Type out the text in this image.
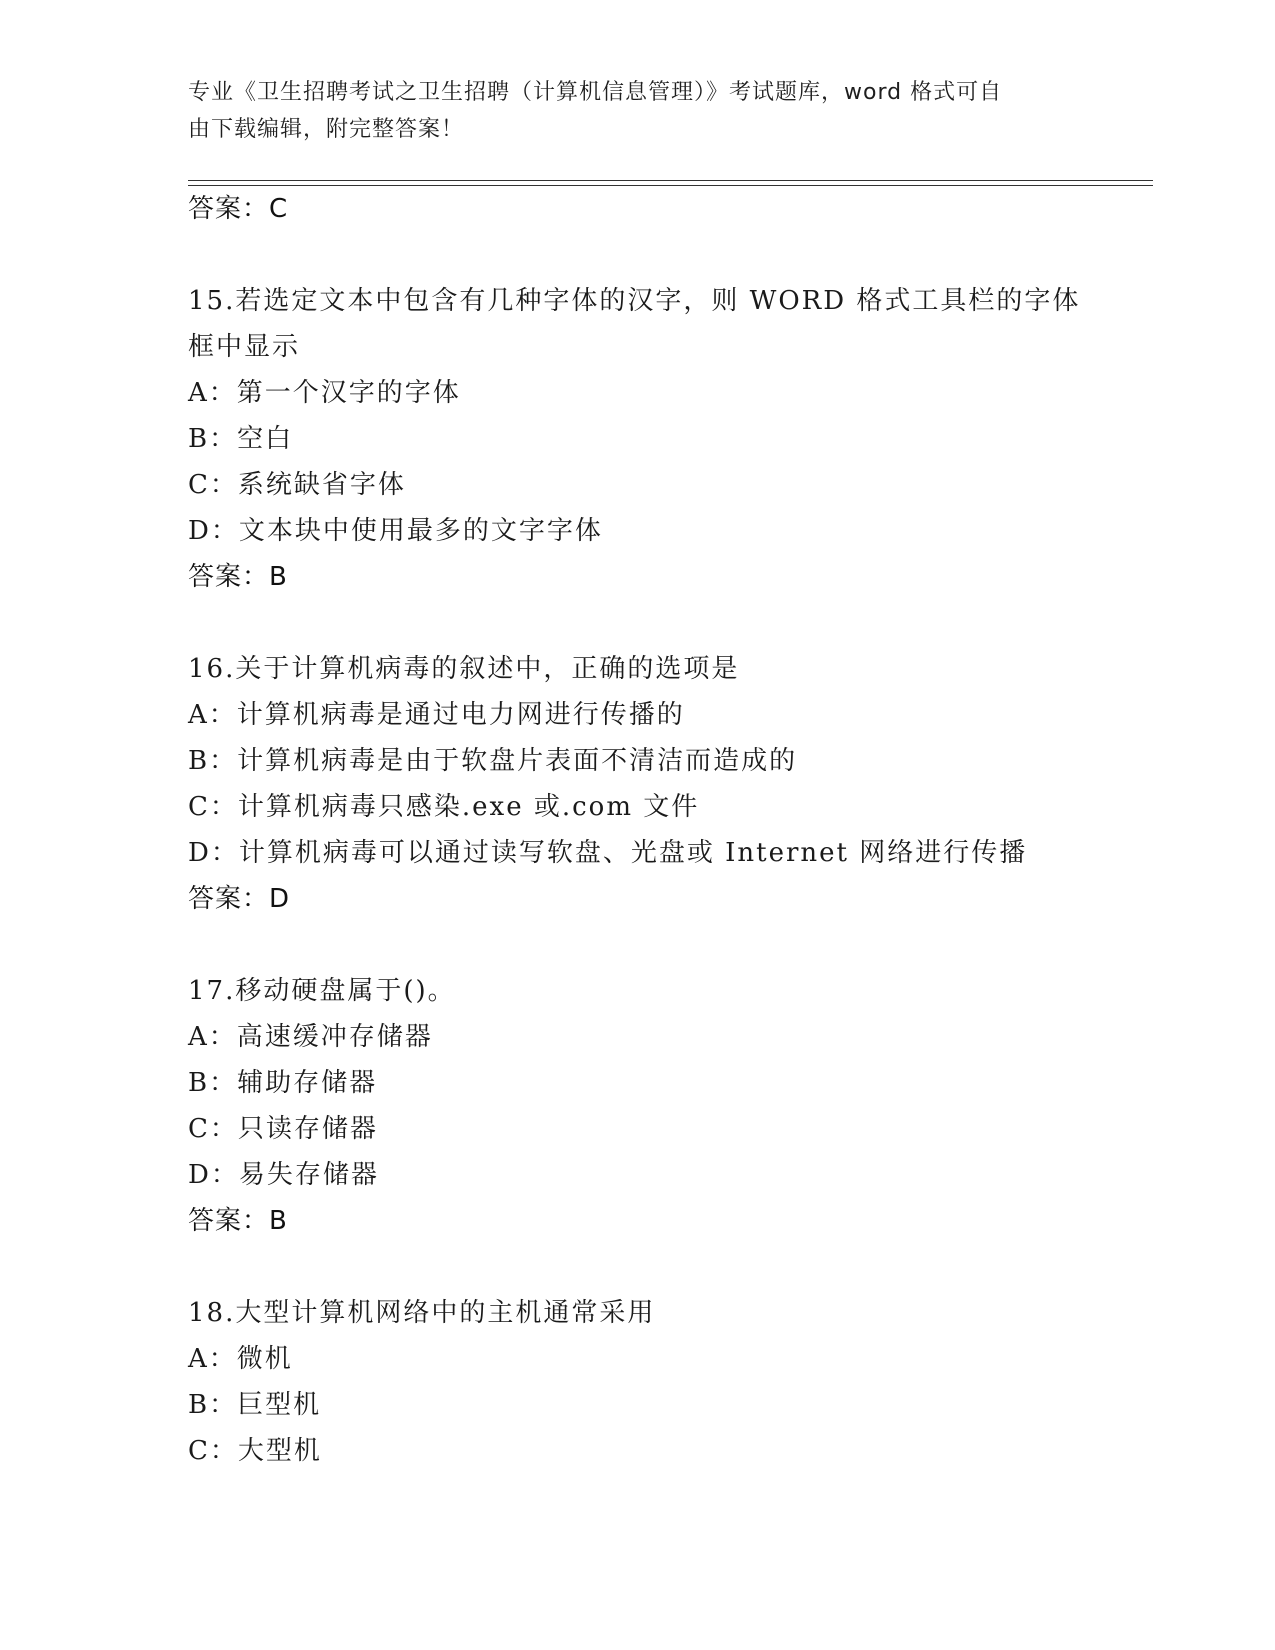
专业《卫生招聘考试之卫生招聘（计算机信息管理）》考试题库，word 格式可自
由下载编辑，附完整答案！
答案：C
15.若选定文本中包含有几种字体的汉字，则 WORD 格式工具栏的字体
框中显示
A：第一个汉字的字体
B：空白
C：系统缺省字体
D：文本块中使用最多的文字字体
答案：B
16.关于计算机病毒的叙述中，正确的选项是
A：计算机病毒是通过电力网进行传播的
B：计算机病毒是由于软盘片表面不清洁而造成的
C：计算机病毒只感染.exe 或.com 文件
D：计算机病毒可以通过读写软盘、光盘或 Internet 网络进行传播
答案：D
17.移动硬盘属于()。
A：高速缓冲存储器
B：辅助存储器
C：只读存储器
D：易失存储器
答案：B
18.大型计算机网络中的主机通常采用
A：微机
B：巨型机
C：大型机
